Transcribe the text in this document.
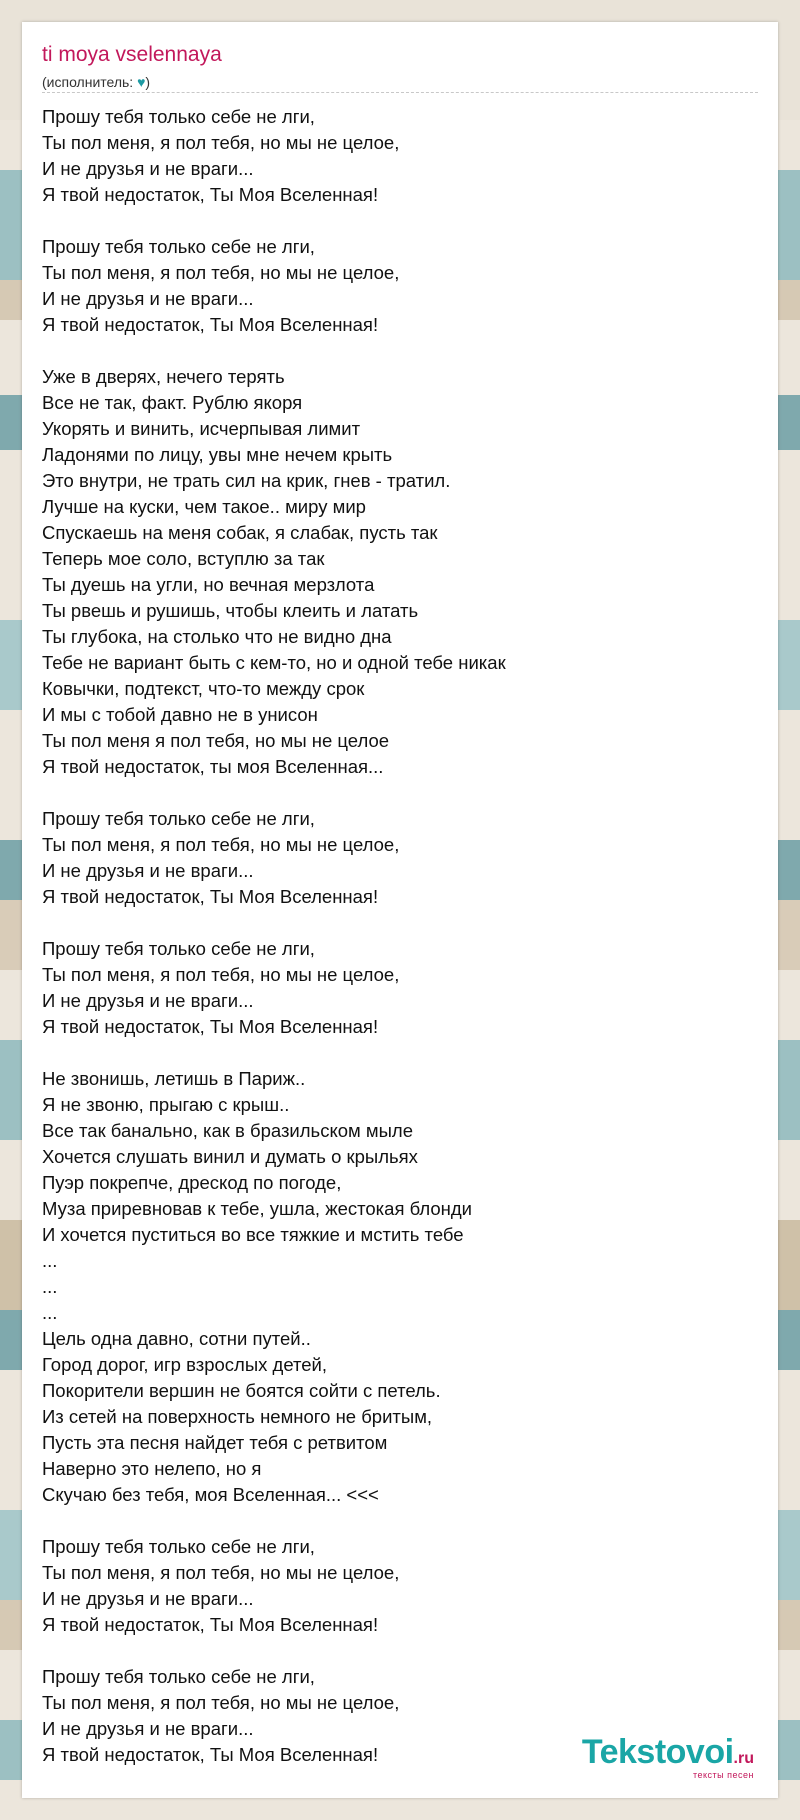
ti moya vselennaya
(исполнитель: ♥)
Прошу тебя только себе не лги,
Ты пол меня, я пол тебя, но мы не целое,
И не друзья и не враги...
Я твой недостаток, Ты Моя Вселенная!
Прошу тебя только себе не лги,
Ты пол меня, я пол тебя, но мы не целое,
И не друзья и не враги...
Я твой недостаток, Ты Моя Вселенная!
Уже в дверях, нечего терять
Все не так, факт. Рублю якоря
Укорять и винить, исчерпывая лимит
Ладонями по лицу, увы мне нечем крыть
Это внутри, не трать сил на крик, гнев - тратил.
Лучше на куски, чем такое.. миру мир
Спускаешь на меня собак, я слабак, пусть так
Теперь мое соло, вступлю за так
Ты дуешь на угли, но вечная мерзлота
Ты рвешь и рушишь, чтобы клеить и латать
Ты глубока, на столько что не видно дна
Тебе не вариант быть с кем-то, но и одной тебе никак
Ковычки, подтекст, что-то между срок
И мы с тобой давно не в унисон
Ты пол меня я пол тебя, но мы не целое
Я твой недостаток, ты моя Вселенная...
Прошу тебя только себе не лги,
Ты пол меня, я пол тебя, но мы не целое,
И не друзья и не враги...
Я твой недостаток, Ты Моя Вселенная!
Прошу тебя только себе не лги,
Ты пол меня, я пол тебя, но мы не целое,
И не друзья и не враги...
Я твой недостаток, Ты Моя Вселенная!
Не звонишь, летишь в Париж..
Я не звоню, прыгаю с крыш..
Все так банально, как в бразильском мыле
Хочется слушать винил и думать о крыльях
Пуэр покрепче, дрескод по погоде,
Муза приревновав к тебе, ушла, жестокая блонди
И хочется пуститься во все тяжкие и мстить тебе
...
...
...
Цель одна давно, сотни путей..
Город дорог, игр взрослых детей,
Покорители вершин не боятся сойти с петель.
Из сетей на поверхность немного не бритым,
Пусть эта песня найдет тебя с ретвитом
Наверно это нелепо, но я
Скучаю без тебя, моя Вселенная... <<<
Прошу тебя только себе не лги,
Ты пол меня, я пол тебя, но мы не целое,
И не друзья и не враги...
Я твой недостаток, Ты Моя Вселенная!
Прошу тебя только себе не лги,
Ты пол меня, я пол тебя, но мы не целое,
И не друзья и не враги...
Я твой недостаток, Ты Моя Вселенная!	Tekstovoi.ru
тексты песен
